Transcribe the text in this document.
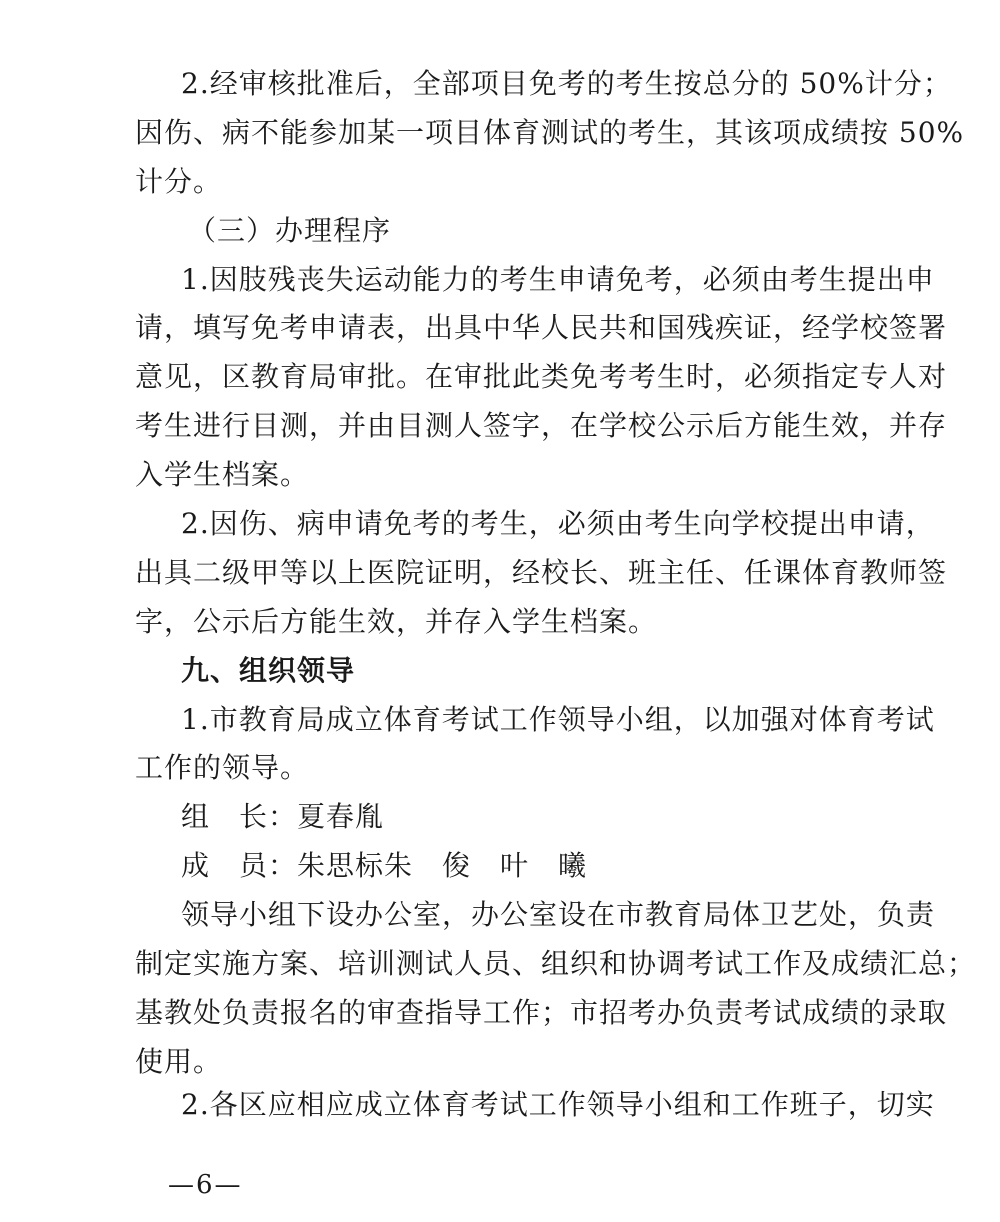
2.经审核批准后，全部项目免考的考生按总分的 50%计分；
因伤、病不能参加某一项目体育测试的考生，其该项成绩按 50%
计分。
（三）办理程序
1.因肢残丧失运动能力的考生申请免考，必须由考生提出申
请，填写免考申请表，出具中华人民共和国残疾证，经学校签署
意见，区教育局审批。在审批此类免考考生时，必须指定专人对
考生进行目测，并由目测人签字，在学校公示后方能生效，并存
入学生档案。
2.因伤、病申请免考的考生，必须由考生向学校提出申请，
出具二级甲等以上医院证明，经校长、班主任、任课体育教师签
字，公示后方能生效，并存入学生档案。
九、组织领导
1.市教育局成立体育考试工作领导小组，以加强对体育考试
工作的领导。
组　长：夏春胤
成　员：朱思标朱　俊　叶　曦
领导小组下设办公室，办公室设在市教育局体卫艺处，负责
制定实施方案、培训测试人员、组织和协调考试工作及成绩汇总；
基教处负责报名的审查指导工作；市招考办负责考试成绩的录取
使用。
2.各区应相应成立体育考试工作领导小组和工作班子，切实
—6—
